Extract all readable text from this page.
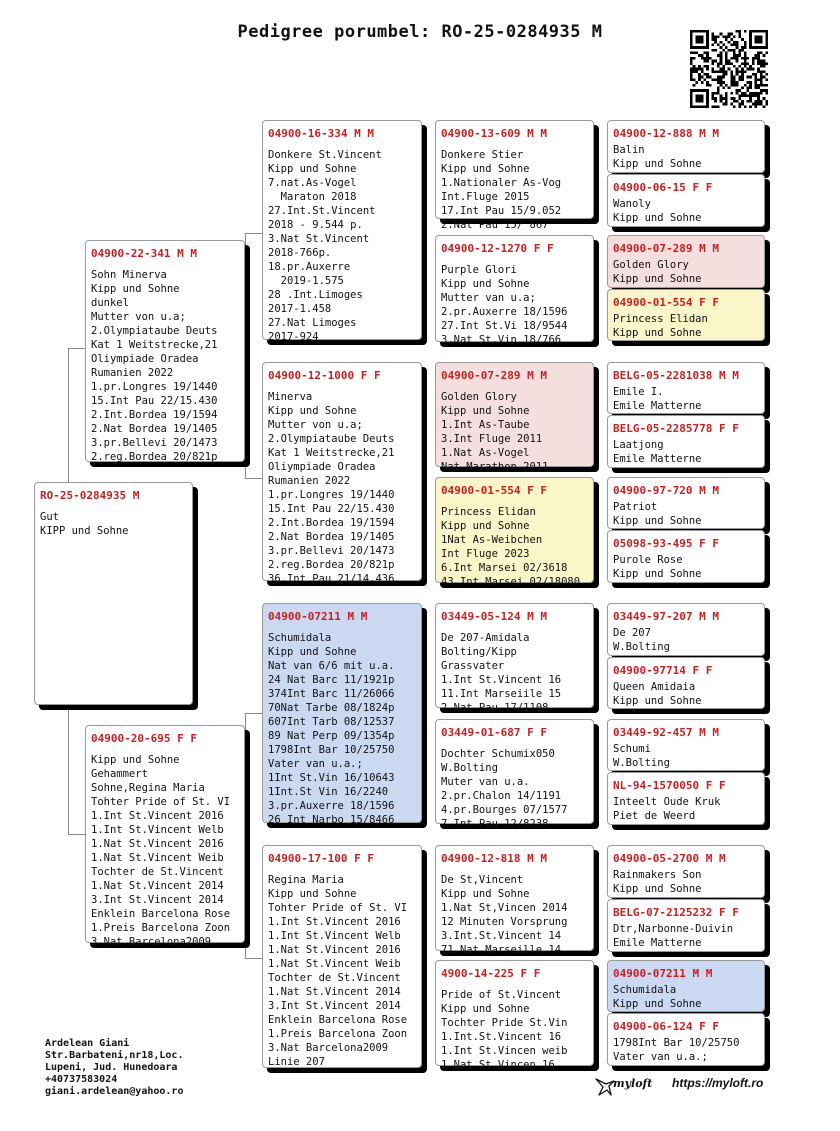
Pedigree porumbel: RO-25-0284935 M
RO-25-0284935 M
Gut
KIPP und Sohne
04900-22-341 M M
Sohn Minerva
Kipp und Sohne
dunkel
Mutter von u.a;
2.Olympiataube Deuts
Kat 1 Weitstrecke,21
Oliympiade Oradea
Rumanien 2022
1.pr.Longres 19/1440
15.Int Pau 22/15.430
2.Int.Bordea 19/1594
2.Nat Bordea 19/1405
3.pr.Bellevi 20/1473
2.reg.Bordea 20/821p
04900-20-695 F F
Kipp und Sohne
Gehammert
Sohne,Regina Maria
Tohter Pride of St. VI
1.Int St.Vincent 2016
1.Int St.Vincent Welb
1.Nat St.Vincent 2016
1.Nat St.Vincent Weib
Tochter de St.Vincent
1.Nat St.Vincent 2014
3.Int St.Vincent 2014
Enklein Barcelona Rose
1.Preis Barcelona Zoon
3.Nat Barcelona2009
04900-16-334 M M
Donkere St.Vincent
Kipp und Sohne
7.nat.As-Vogel
Maraton 2018
27.Int.St.Vincent
2018 - 9.544 p.
3.Nat St.Vincent
2018-766p.
18.pr.Auxerre
2019-1.575
28 .Int.Limoges
2017-1.458
27.Nat Limoges
2017-924
04900-12-1000 F F
Minerva
Kipp und Sohne
Mutter von u.a;
2.Olympiataube Deuts
Kat 1 Weitstrecke,21
Oliympiade Oradea
Rumanien 2022
1.pr.Longres 19/1440
15.Int Pau 22/15.430
2.Int.Bordea 19/1594
2.Nat Bordea 19/1405
3.pr.Bellevi 20/1473
2.reg.Bordea 20/821p
36.Int Pau 21/14.436
04900-07211 M M
Schumidala
Kipp und Sohne
Nat van 6/6 mit u.a.
24 Nat Barc 11/1921p
374Int Barc 11/26066
70Nat Tarbe 08/1824p
607Int Tarb 08/12537
89 Nat Perp 09/1354p
1798Int Bar 10/25750
Vater van u.a.;
1Int St.Vin 16/10643
1Int.St Vin 16/2240
3.pr.Auxerre 18/1596
26 Int Narbo 15/8466
04900-17-100 F F
Regina Maria
Kipp und Sohne
Tohter Pride of St. VI
1.Int St.Vincent 2016
1.Int St.Vincent Welb
1.Nat St.Vincent 2016
1.Nat St.Vincent Weib
Tochter de St.Vincent
1.Nat St.Vincent 2014
3.Int St.Vincent 2014
Enklein Barcelona Rose
1.Preis Barcelona Zoon
3.Nat Barcelona2009
Linie 207
04900-13-609 M M
Donkere Stier
Kipp und Sohne
1.Nationaler As-Vog
Int.Fluge 2015
17.Int Pau 15/9.052
2.Nat Pau 15/ 867
04900-12-1270 F F
Purple Glori
Kipp und Sohne
Mutter van u.a;
2.pr.Auxerre 18/1596
27.Int St.Vi 18/9544
3.Nat St.Vin 18/766
04900-07-289 M M
Golden Glory
Kipp und Sohne
1.Int As-Taube
3.Int Fluge 2011
1.Nat As-Vogel
Nat Marathon 2011
04900-01-554 F F
Princess Elidan
Kipp und Sohne
1Nat As-Weibchen
Int Fluge 2023
6.Int Marsei 02/3618
43 Int Marsei 02/18080
03449-05-124 M M
De 207-Amidala
Bolting/Kipp
Grassvater
1.Int St.Vincent 16
11.Int Marseiile 15
2.Nat Pau 17/1108
03449-01-687 F F
Dochter Schumix050
W.Bolting
Muter van u.a.
2.pr.Chalon 14/1191
4.pr.Bourges 07/1577
7.Int Pau 12/8238
04900-12-818 M M
De St,Vincent
Kipp und Sohne
1.Nat St,Vincen 2014
12 Minuten Vorsprung
3.Int.St.Vincent 14
71.Nat Marseille 14
4900-14-225 F F
Pride of St.Vincent
Kipp und Sohne
Tochter Pride St.Vin
1.Int.St.Vincent 16
1.Int St.Vincen weib
1.Nat St.Vincen 16
04900-12-888 M M
Balin
Kipp und Sohne
04900-06-15 F F
Wanoly
Kipp und Sohne
04900-07-289 M M
Golden Glory
Kipp und Sohne
04900-01-554 F F
Princess Elidan
Kipp und Sohne
BELG-05-2281038 M M
Emile I.
Emile Matterne
BELG-05-2285778 F F
Laatjong
Emile Matterne
04900-97-720 M M
Patriot
Kipp und Sohne
05098-93-495 F F
Purole Rose
Kipp und Sohne
03449-97-207 M M
De 207
W.Bolting
04900-97714 F F
Queen Amidaia
Kipp und Sohne
03449-92-457 M M
Schumi
W.Bolting
NL-94-1570050 F F
Inteelt Oude Kruk
Piet de Weerd
04900-05-2700 M M
Rainmakers Son
Kipp und Sohne
BELG-07-2125232 F F
Dtr,Narbonne-Duivin
Emile Matterne
04900-07211 M M
Schumidala
Kipp und Sohne
04900-06-124 F F
1798Int Bar 10/25750
Vater van u.a.;
Ardelean Giani
Str.Barbateni,nr18,Loc.
Lupeni, Jud. Hunedoara
+40737583024
giani.ardelean@yahoo.ro
myloft https://myloft.ro
